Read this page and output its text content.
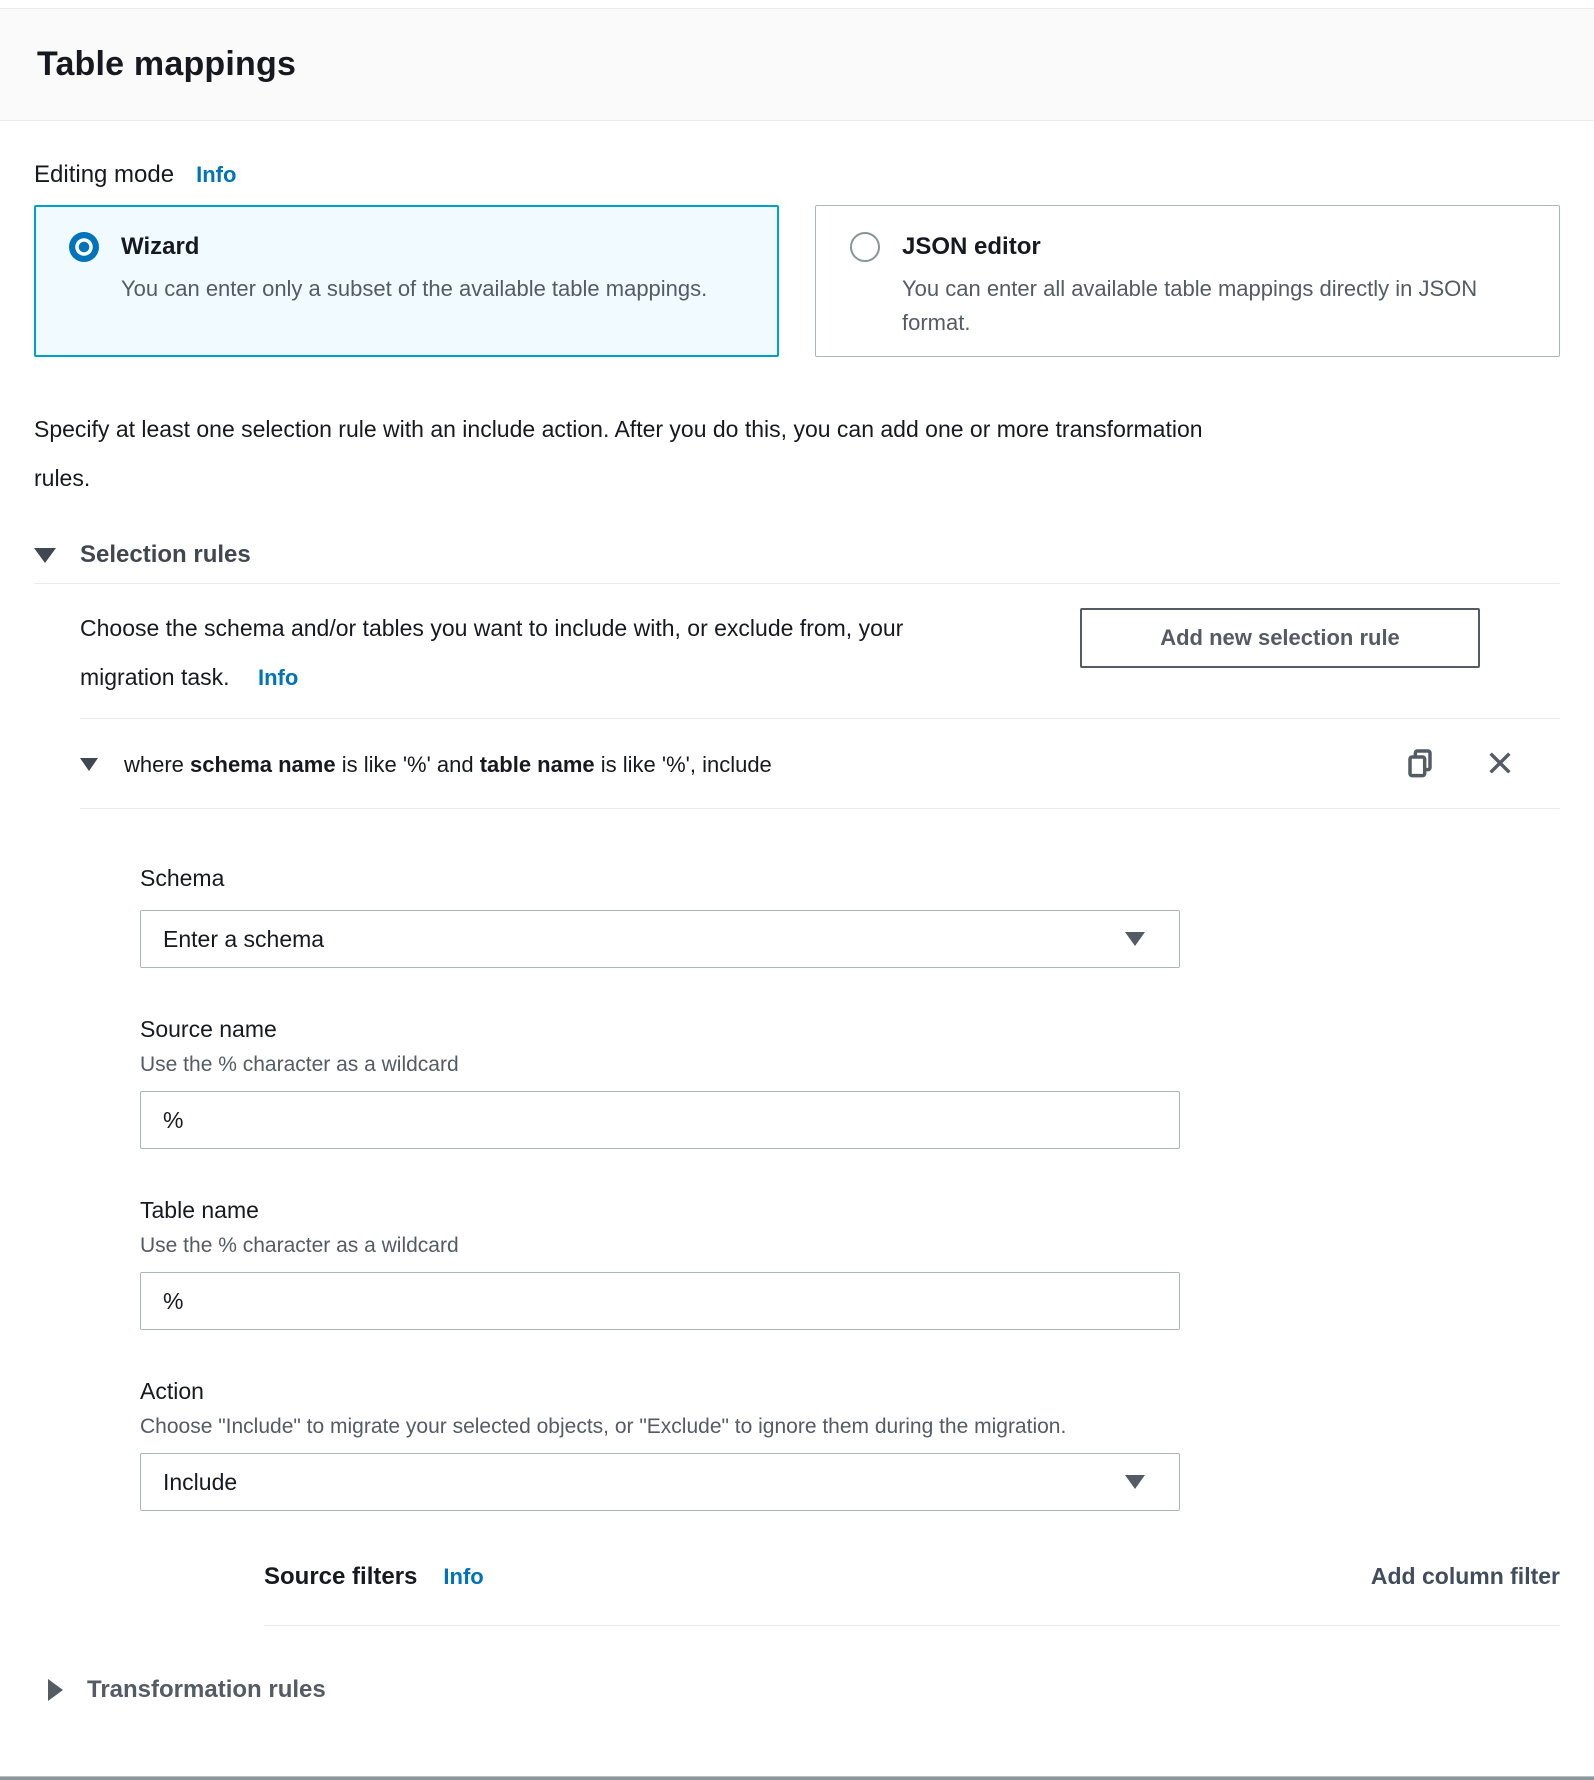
Table mappings
Editing mode Info
Wizard
You can enter only a subset of the available table mappings.
JSON editor
You can enter all available table mappings directly in JSON format.
Specify at least one selection rule with an include action. After you do this, you can add one or more transformation
rules.
Selection rules
Choose the schema and/or tables you want to include with, or exclude from, your
migration task. Info
Add new selection rule
where schema name is like '%' and table name is like '%', include
Schema
Enter a schema
Source name
Use the % character as a wildcard
%
Table name
Use the % character as a wildcard
%
Action
Choose "Include" to migrate your selected objects, or "Exclude" to ignore them during the migration.
Include
Source filters Info	Add column filter
Transformation rules
